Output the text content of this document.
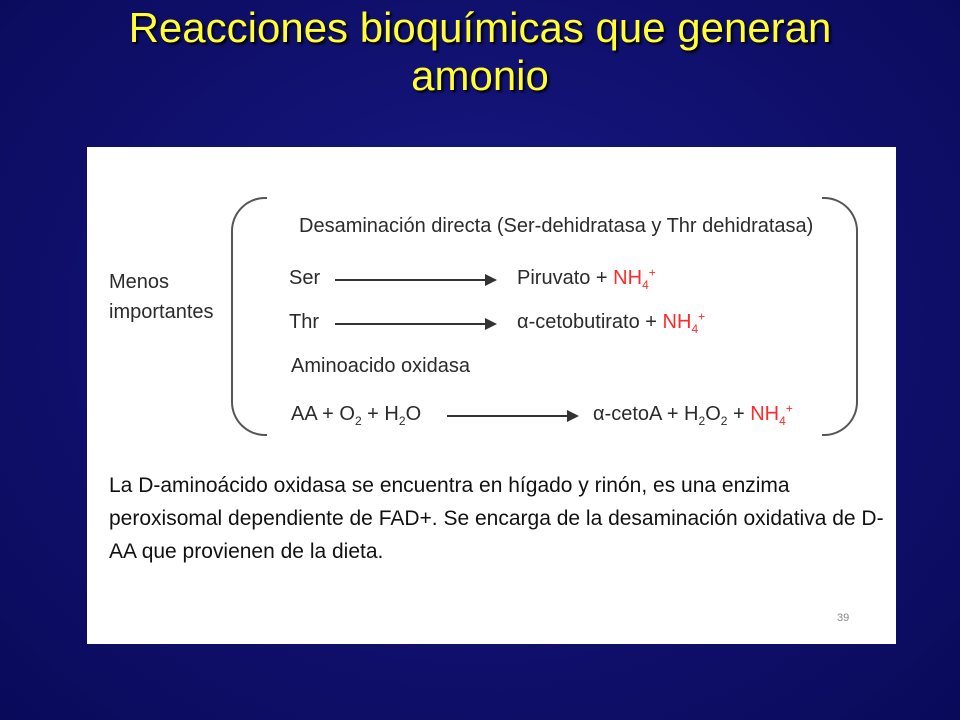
Reacciones bioquímicas que generan
amonio
Menos
importantes
Desaminación directa (Ser-dehidratasa y Thr dehidratasa)
Ser	Piruvato + $NH_4^+$
Thr	α-cetobutirato + $NH_4^+$
Aminoacido oxidasa
AA + $O_2 + H_2O$	α-cetoA + $H_2O_2 + NH_4^+$
La D-aminoácido oxidasa se encuentra en hígado y rinón, es una enzima
peroxisomal dependiente de FAD+. Se encarga de la desaminación oxidativa de D-
AA que provienen de la dieta.
39
